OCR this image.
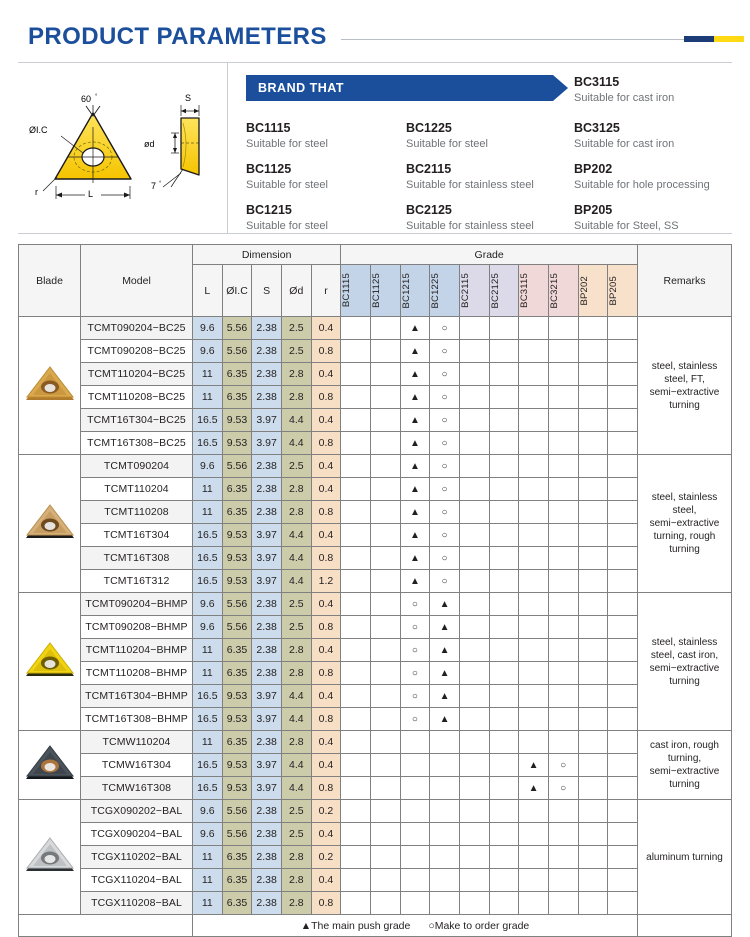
PRODUCT PARAMETERS
60 °
ØI.C
r	L
S
ød
7 °
BRAND THAT	BC3115
Suitable for cast iron
BC1115
Suitable for steel
BC1225
Suitable for steel
BC3125
Suitable for cast iron
BC1125
Suitable for steel
BC2115
Suitable for stainless steel
BP202
Suitable for hole processing
BC1215
Suitable for steel
BC2125
Suitable for stainless steel
BP205
Suitable for Steel, SS
Blade	Model	Dimension					Grade										Remarks
		L	ØI.C	S	Ød	r	BC1115	BC1125	BC1215	BC1225	BC2115	BC2125	BC3115	BC3215	BP202	BP205	

	TCMT090204−BC25	9.6	5.56	2.38	2.5	0.4			▲	○							steel, stainless steel, FT, semi−extractive turning
	TCMT090208−BC25	9.6	5.56	2.38	2.5	0.8			▲	○							
	TCMT110204−BC25	11	6.35	2.38	2.8	0.4			▲	○							
	TCMT110208−BC25	11	6.35	2.38	2.8	0.8			▲	○							
	TCMT16T304−BC25	16.5	9.53	3.97	4.4	0.4			▲	○							
	TCMT16T308−BC25	16.5	9.53	3.97	4.4	0.8			▲	○							

	TCMT090204	9.6	5.56	2.38	2.5	0.4			▲	○							steel, stainless steel, semi−extractive turning, rough turning
	TCMT110204	11	6.35	2.38	2.8	0.4			▲	○							
	TCMT110208	11	6.35	2.38	2.8	0.8			▲	○							
	TCMT16T304	16.5	9.53	3.97	4.4	0.4			▲	○							
	TCMT16T308	16.5	9.53	3.97	4.4	0.8			▲	○							
	TCMT16T312	16.5	9.53	3.97	4.4	1.2			▲	○							

	TCMT090204−BHMP	9.6	5.56	2.38	2.5	0.4			○	▲							steel, stainless steel, cast iron, semi−extractive turning
	TCMT090208−BHMP	9.6	5.56	2.38	2.5	0.8			○	▲							
	TCMT110204−BHMP	11	6.35	2.38	2.8	0.4			○	▲							
	TCMT110208−BHMP	11	6.35	2.38	2.8	0.8			○	▲							
	TCMT16T304−BHMP	16.5	9.53	3.97	4.4	0.4			○	▲							
	TCMT16T308−BHMP	16.5	9.53	3.97	4.4	0.8			○	▲							

	TCMW110204	11	6.35	2.38	2.8	0.4											cast iron, rough turning, semi−extractive turning
	TCMW16T304	16.5	9.53	3.97	4.4	0.4							▲	○			
	TCMW16T308	16.5	9.53	3.97	4.4	0.8							▲	○			

	TCGX090202−BAL	9.6	5.56	2.38	2.5	0.2											aluminum turning
	TCGX090204−BAL	9.6	5.56	2.38	2.5	0.4											
	TCGX110202−BAL	11	6.35	2.38	2.8	0.2											
	TCGX110204−BAL	11	6.35	2.38	2.8	0.4											
	TCGX110208−BAL	11	6.35	2.38	2.8	0.8											

		▲The main push grade ○Make to order grade															
